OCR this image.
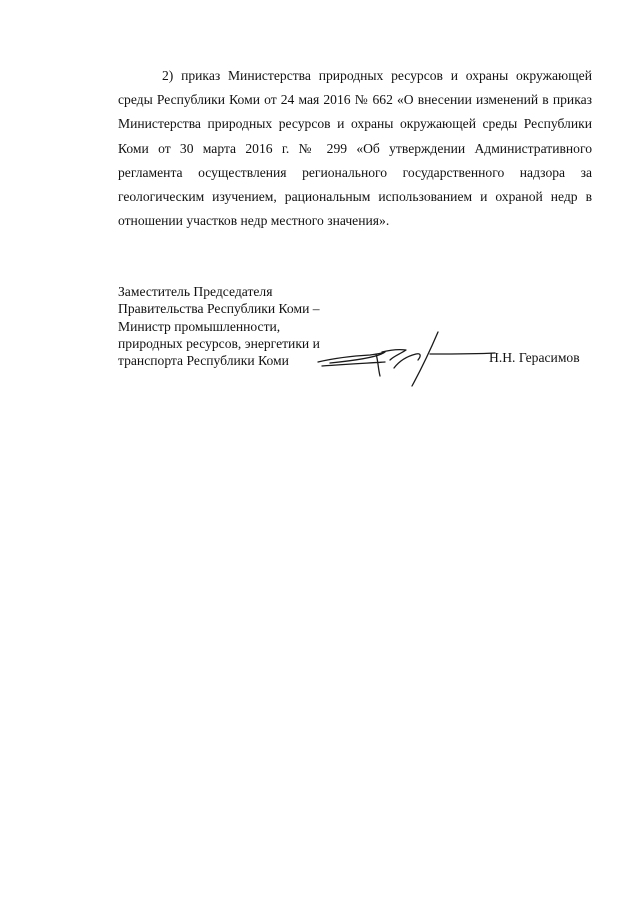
2) приказ Министерства природных ресурсов и охраны окружающей среды Республики Коми от 24 мая 2016 № 662 «О внесении изменений в приказ Министерства природных ресурсов и охраны окружающей среды Республики Коми от 30 марта 2016 г. № 299 «Об утверждении Административного регламента осуществления регионального государственного надзора за геологическим изучением, рациональным использованием и охраной недр в отношении участков недр местного значения».

Заместитель Председателя
Правительства Республики Коми –
Министр промышленности,
природных ресурсов, энергетики и
транспорта Республики Коми	Н.Н. Герасимов
